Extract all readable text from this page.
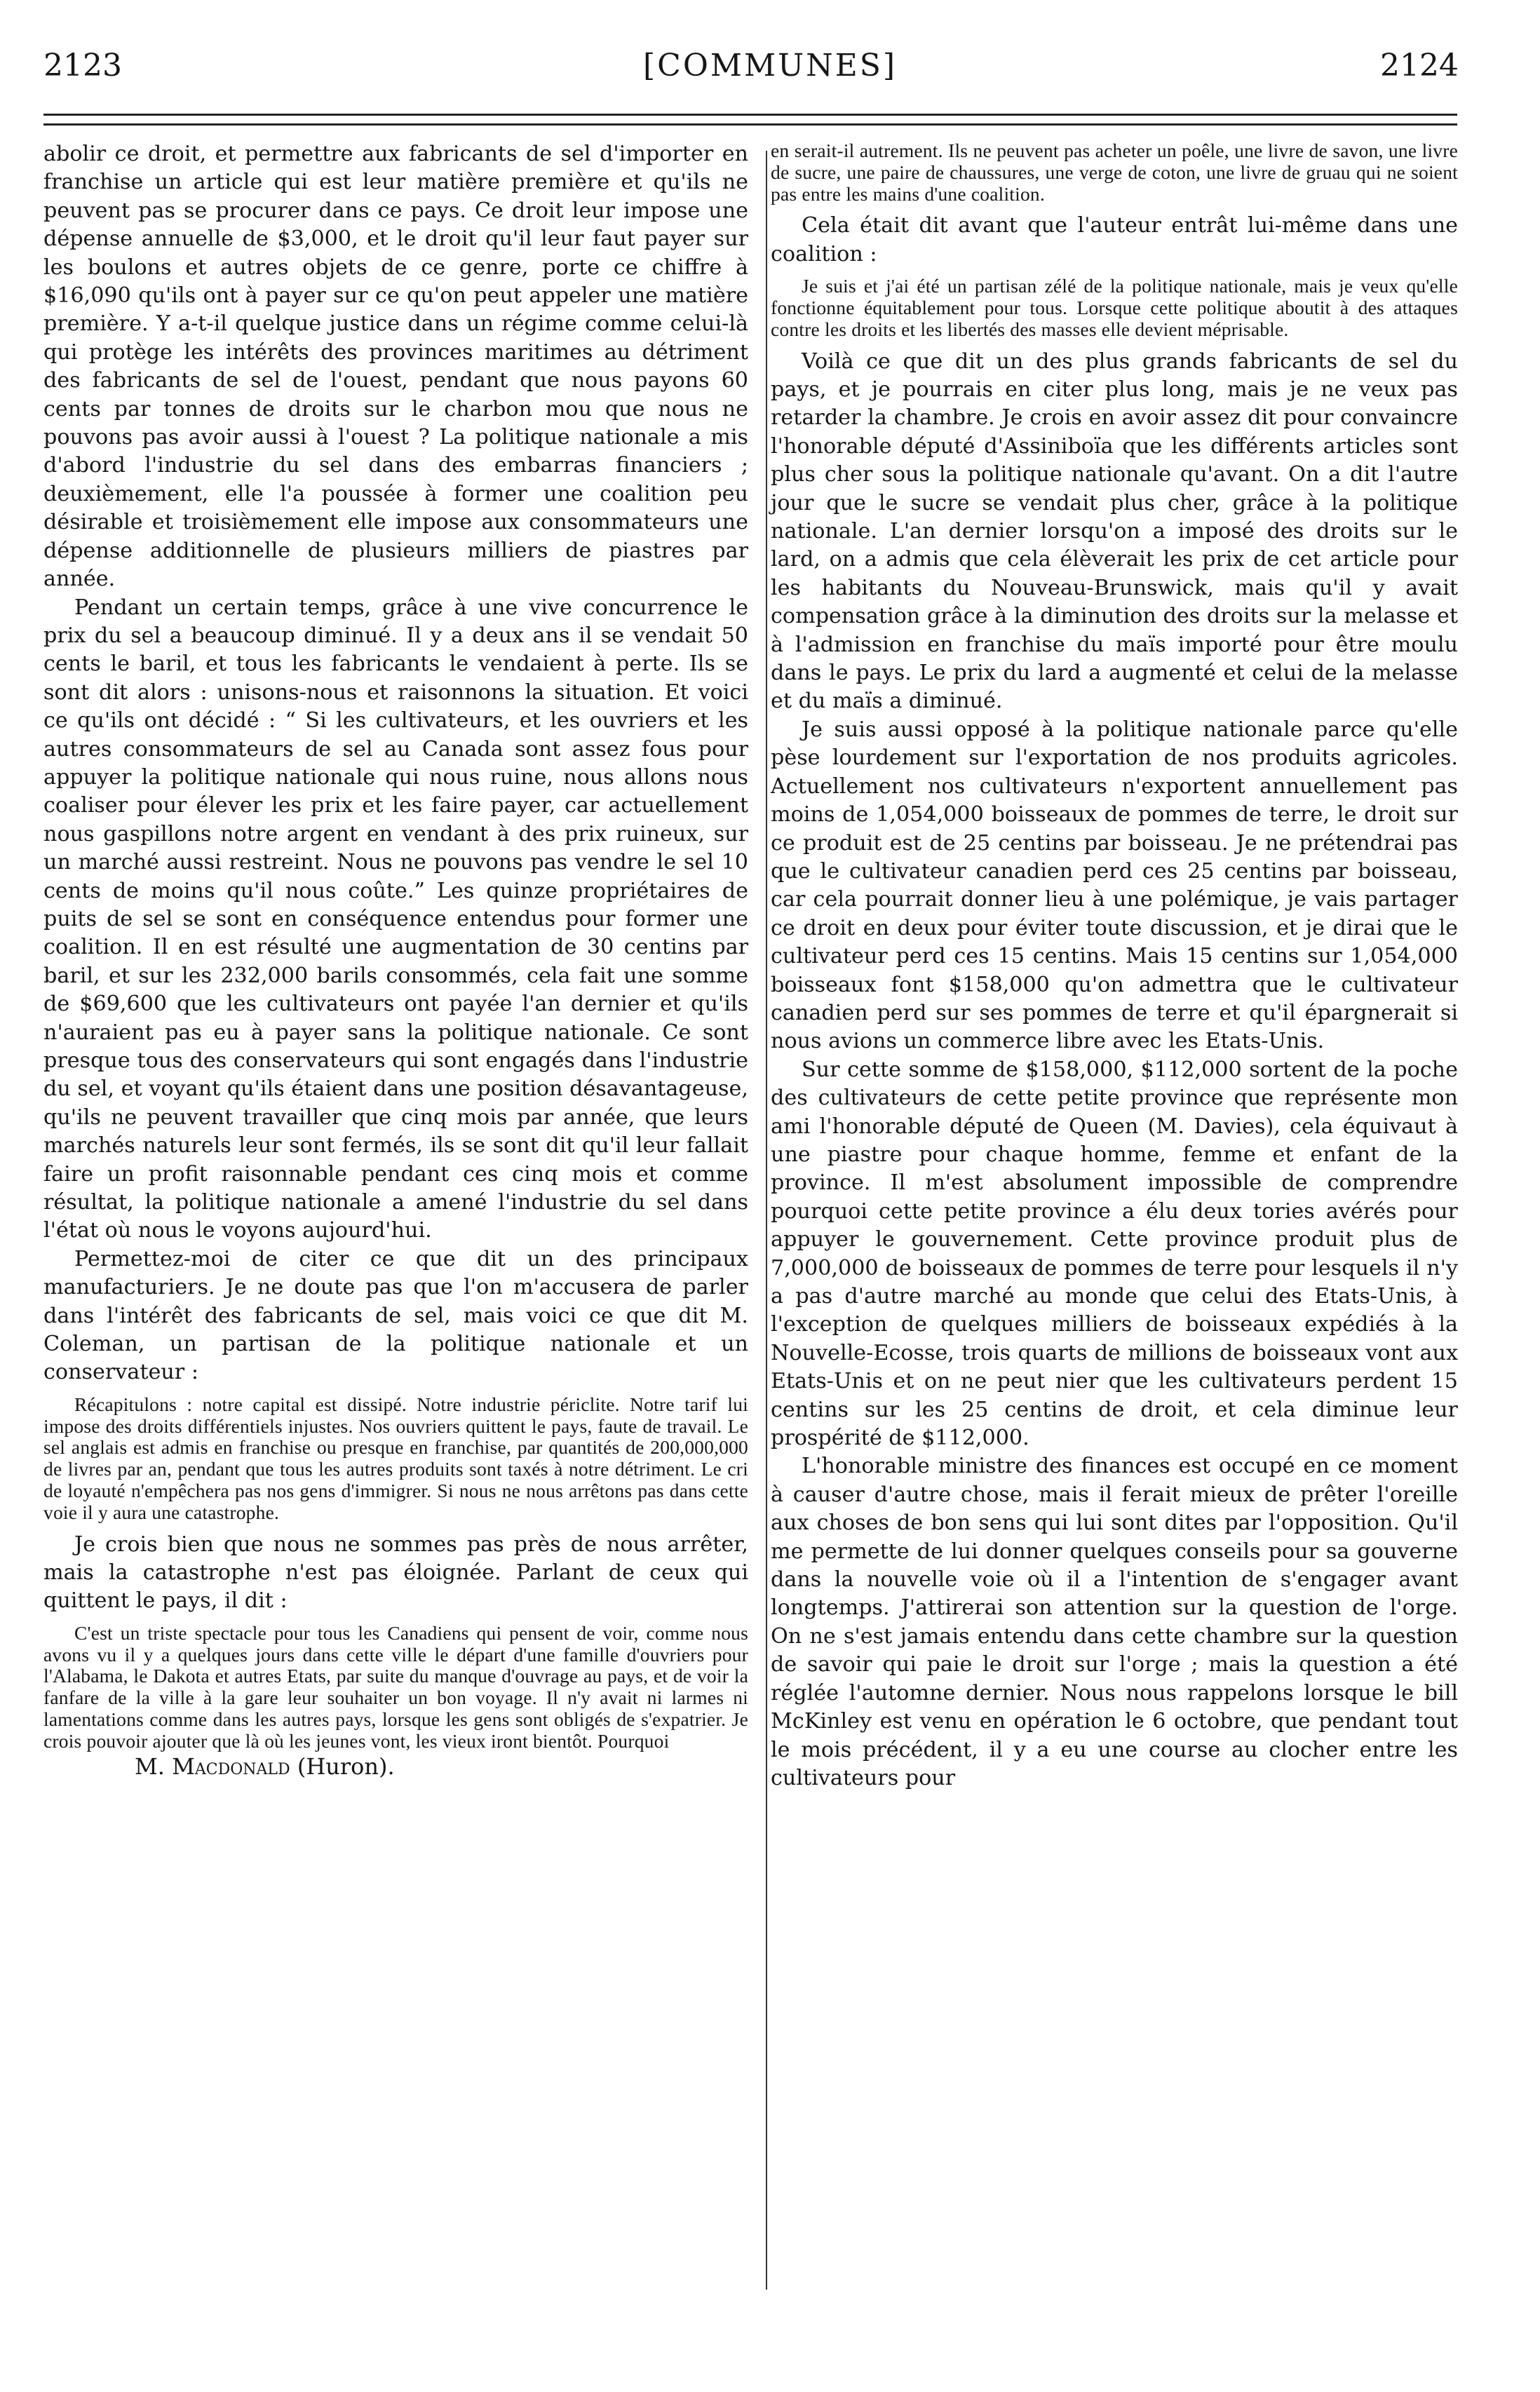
2123	[COMMUNES]	2124

abolir ce droit, et permettre aux fabricants de sel d'importer en franchise un article qui est leur matière première et qu'ils ne peuvent pas se procurer dans ce pays. Ce droit leur impose une dépense annuelle de $3,000, et le droit qu'il leur faut payer sur les boulons et autres objets de ce genre, porte ce chiffre à $16,090 qu'ils ont à payer sur ce qu'on peut appeler une matière première. Y a-t-il quelque justice dans un régime comme celui-là qui protège les intérêts des provinces maritimes au détriment des fabricants de sel de l'ouest, pendant que nous payons 60 cents par tonnes de droits sur le charbon mou que nous ne pouvons pas avoir aussi à l'ouest ? La politique nationale a mis d'abord l'industrie du sel dans des embarras financiers ; deuxièmement, elle l'a poussée à former une coalition peu désirable et troisièmement elle impose aux consommateurs une dépense additionnelle de plusieurs milliers de piastres par année.

Pendant un certain temps, grâce à une vive concurrence le prix du sel a beaucoup diminué. Il y a deux ans il se vendait 50 cents le baril, et tous les fabricants le vendaient à perte. Ils se sont dit alors : unisons-nous et raisonnons la situation. Et voici ce qu'ils ont décidé : “ Si les cultivateurs, et les ouvriers et les autres consommateurs de sel au Canada sont assez fous pour appuyer la politique nationale qui nous ruine, nous allons nous coaliser pour élever les prix et les faire payer, car actuellement nous gaspillons notre argent en vendant à des prix ruineux, sur un marché aussi restreint. Nous ne pouvons pas vendre le sel 10 cents de moins qu'il nous coûte.” Les quinze propriétaires de puits de sel se sont en conséquence entendus pour former une coalition. Il en est résulté une augmentation de 30 centins par baril, et sur les 232,000 barils consommés, cela fait une somme de $69,600 que les cultivateurs ont payée l'an dernier et qu'ils n'auraient pas eu à payer sans la politique nationale. Ce sont presque tous des conservateurs qui sont engagés dans l'industrie du sel, et voyant qu'ils étaient dans une position désavantageuse, qu'ils ne peuvent travailler que cinq mois par année, que leurs marchés naturels leur sont fermés, ils se sont dit qu'il leur fallait faire un profit raisonnable pendant ces cinq mois et comme résultat, la politique nationale a amené l'industrie du sel dans l'état où nous le voyons aujourd'hui.

Permettez-moi de citer ce que dit un des principaux manufacturiers. Je ne doute pas que l'on m'accusera de parler dans l'intérêt des fabricants de sel, mais voici ce que dit M. Coleman, un partisan de la politique nationale et un conservateur :

Récapitulons : notre capital est dissipé. Notre industrie périclite. Notre tarif lui impose des droits différentiels injustes. Nos ouvriers quittent le pays, faute de travail. Le sel anglais est admis en franchise ou presque en franchise, par quantités de 200,000,000 de livres par an, pendant que tous les autres produits sont taxés à notre détriment. Le cri de loyauté n'empêchera pas nos gens d'immigrer. Si nous ne nous arrêtons pas dans cette voie il y aura une catastrophe.

Je crois bien que nous ne sommes pas près de nous arrêter, mais la catastrophe n'est pas éloignée. Parlant de ceux qui quittent le pays, il dit :

C'est un triste spectacle pour tous les Canadiens qui pensent de voir, comme nous avons vu il y a quelques jours dans cette ville le départ d'une famille d'ouvriers pour l'Alabama, le Dakota et autres Etats, par suite du manque d'ouvrage au pays, et de voir la fanfare de la ville à la gare leur souhaiter un bon voyage. Il n'y avait ni larmes ni lamentations comme dans les autres pays, lorsque les gens sont obligés de s'expatrier. Je crois pouvoir ajouter que là où les jeunes vont, les vieux iront bientôt. Pourquoi

M. Macdonald (Huron).

en serait-il autrement. Ils ne peuvent pas acheter un poêle, une livre de savon, une livre de sucre, une paire de chaussures, une verge de coton, une livre de gruau qui ne soient pas entre les mains d'une coalition.

Cela était dit avant que l'auteur entrât lui-même dans une coalition :

Je suis et j'ai été un partisan zélé de la politique nationale, mais je veux qu'elle fonctionne équitablement pour tous. Lorsque cette politique aboutit à des attaques contre les droits et les libertés des masses elle devient méprisable.

Voilà ce que dit un des plus grands fabricants de sel du pays, et je pourrais en citer plus long, mais je ne veux pas retarder la chambre. Je crois en avoir assez dit pour convaincre l'honorable député d'Assiniboïa que les différents articles sont plus cher sous la politique nationale qu'avant. On a dit l'autre jour que le sucre se vendait plus cher, grâce à la politique nationale. L'an dernier lorsqu'on a imposé des droits sur le lard, on a admis que cela élèverait les prix de cet article pour les habitants du Nouveau-Brunswick, mais qu'il y avait compensation grâce à la diminution des droits sur la melasse et à l'admission en franchise du maïs importé pour être moulu dans le pays. Le prix du lard a augmenté et celui de la melasse et du maïs a diminué.

Je suis aussi opposé à la politique nationale parce qu'elle pèse lourdement sur l'exportation de nos produits agricoles. Actuellement nos cultivateurs n'exportent annuellement pas moins de 1,054,000 boisseaux de pommes de terre, le droit sur ce produit est de 25 centins par boisseau. Je ne prétendrai pas que le cultivateur canadien perd ces 25 centins par boisseau, car cela pourrait donner lieu à une polémique, je vais partager ce droit en deux pour éviter toute discussion, et je dirai que le cultivateur perd ces 15 centins. Mais 15 centins sur 1,054,000 boisseaux font $158,000 qu'on admettra que le cultivateur canadien perd sur ses pommes de terre et qu'il épargnerait si nous avions un commerce libre avec les Etats-Unis.

Sur cette somme de $158,000, $112,000 sortent de la poche des cultivateurs de cette petite province que représente mon ami l'honorable député de Queen (M. Davies), cela équivaut à une piastre pour chaque homme, femme et enfant de la province. Il m'est absolument impossible de comprendre pourquoi cette petite province a élu deux tories avérés pour appuyer le gouvernement. Cette province produit plus de 7,000,000 de boisseaux de pommes de terre pour lesquels il n'y a pas d'autre marché au monde que celui des Etats-Unis, à l'exception de quelques milliers de boisseaux expédiés à la Nouvelle-Ecosse, trois quarts de millions de boisseaux vont aux Etats-Unis et on ne peut nier que les cultivateurs perdent 15 centins sur les 25 centins de droit, et cela diminue leur prospérité de $112,000.

L'honorable ministre des finances est occupé en ce moment à causer d'autre chose, mais il ferait mieux de prêter l'oreille aux choses de bon sens qui lui sont dites par l'opposition. Qu'il me permette de lui donner quelques conseils pour sa gouverne dans la nouvelle voie où il a l'intention de s'engager avant longtemps. J'attirerai son attention sur la question de l'orge. On ne s'est jamais entendu dans cette chambre sur la question de savoir qui paie le droit sur l'orge ; mais la question a été réglée l'automne dernier. Nous nous rappelons lorsque le bill McKinley est venu en opération le 6 octobre, que pendant tout le mois précédent, il y a eu une course au clocher entre les cultivateurs pour
